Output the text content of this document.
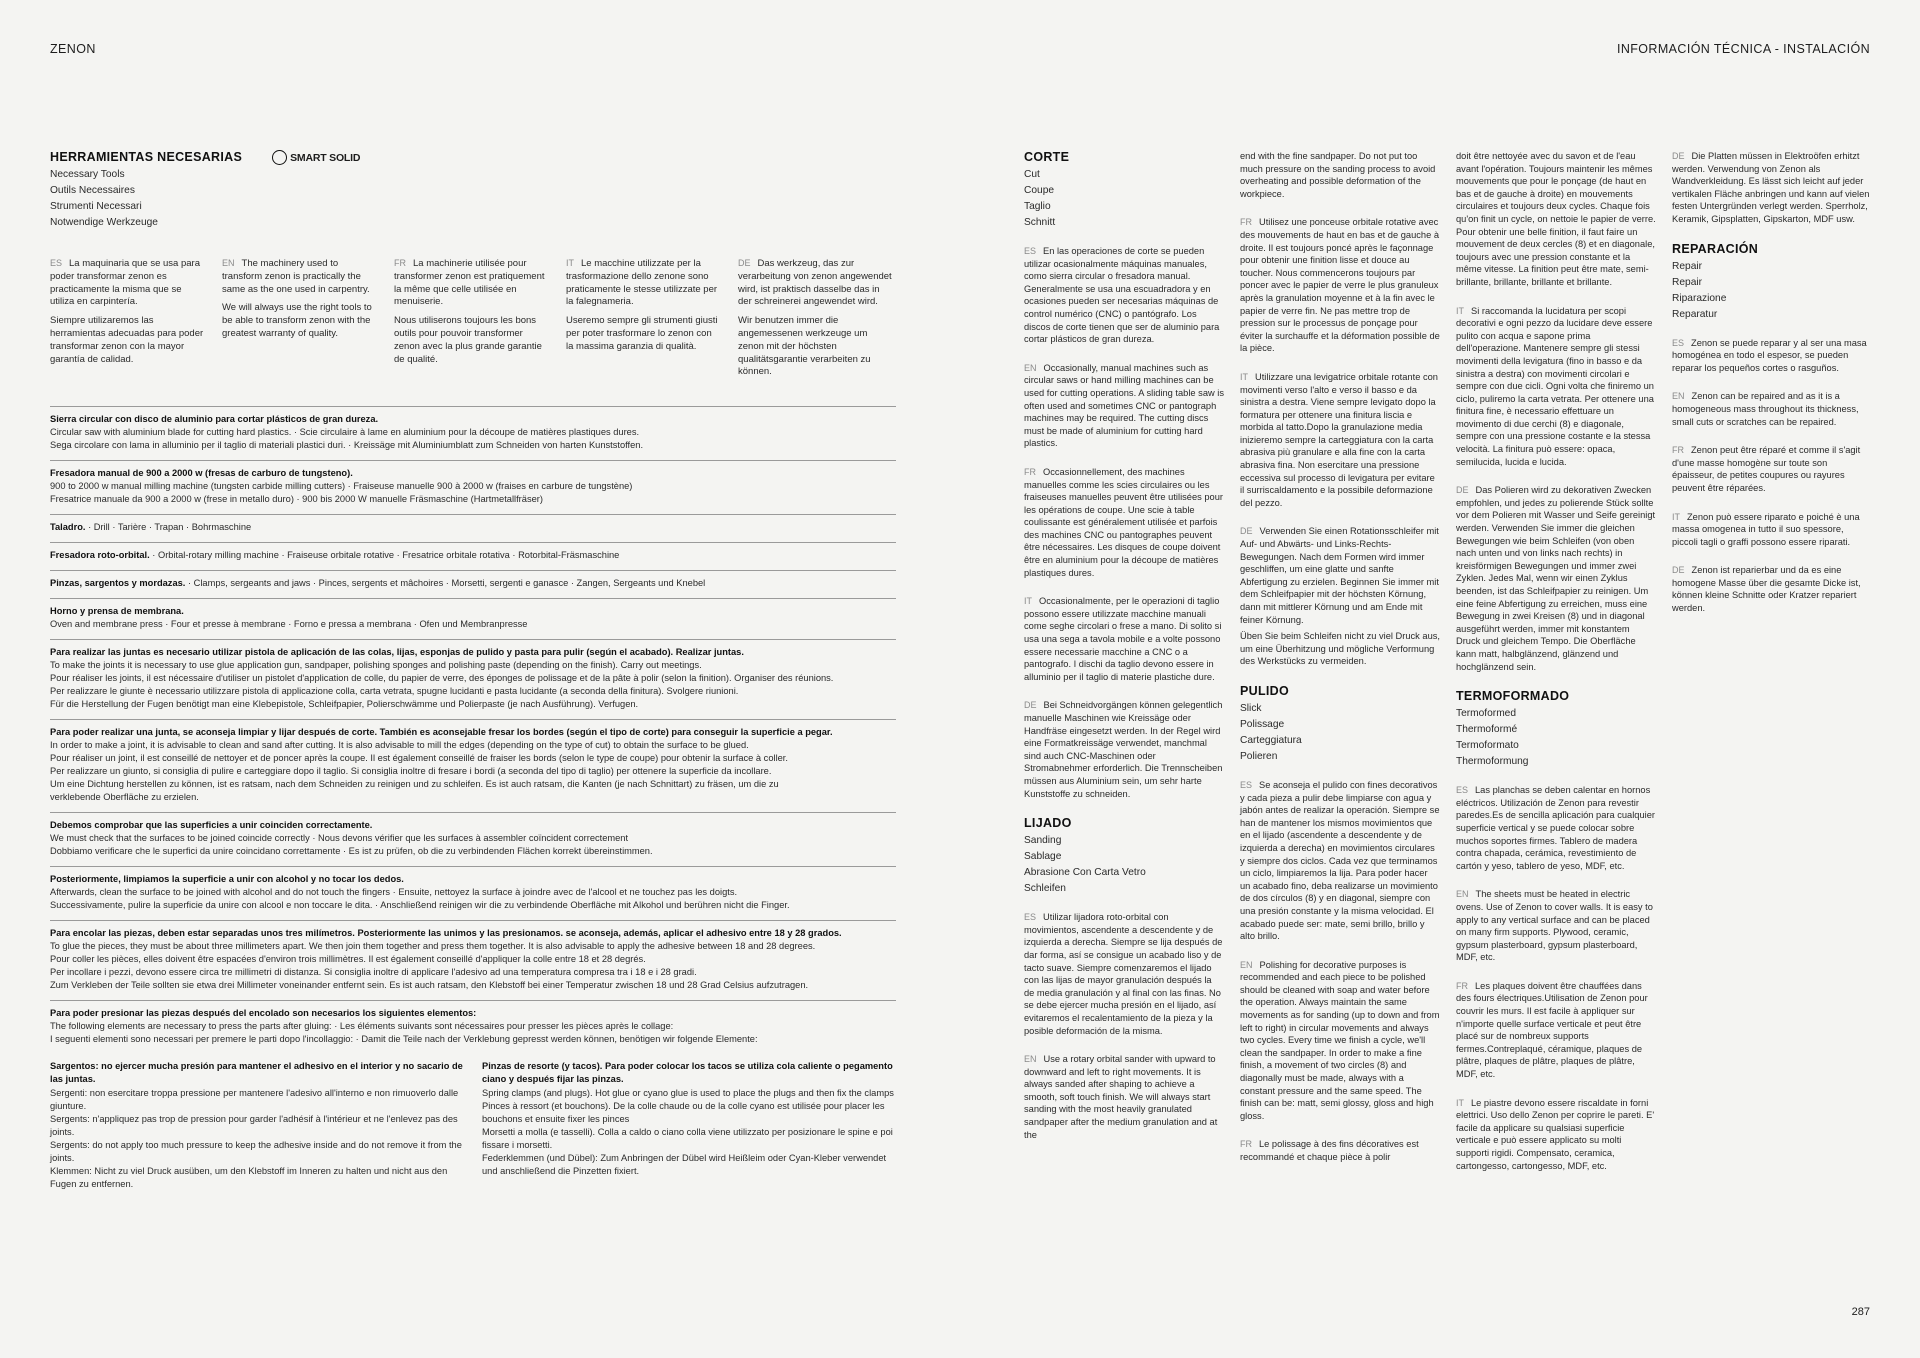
ZENON	INFORMACIÓN TÉCNICA - INSTALACIÓN
HERRAMIENTAS NECESARIAS	SMART SOLID
Necessary Tools
Outils Necessaires
Strumenti Necessari
Notwendige Werkzeuge

ES La maquinaria que se usa para poder transformar zenon es practicamente la misma que se utiliza en carpintería.

Siempre utilizaremos las herramientas adecuadas para poder transformar zenon con la mayor garantía de calidad.

EN The machinery used to transform zenon is practically the same as the one used in carpentry.

We will always use the right tools to be able to transform zenon with the greatest warranty of quality.

FR La machinerie utilisée pour transformer zenon est pratiquement la même que celle utilisée en menuiserie.

Nous utiliserons toujours les bons outils pour pouvoir transformer zenon avec la plus grande garantie de qualité.

IT Le macchine utilizzate per la trasformazione dello zenone sono praticamente le stesse utilizzate per la falegnameria.

Useremo sempre gli strumenti giusti per poter trasformare lo zenon con la massima garanzia di qualità.

DE Das werkzeug, das zur verarbeitung von zenon angewendet wird, ist praktisch dasselbe das in der schreinerei angewendet wird.

Wir benutzen immer die angemessenen werkzeuge um zenon mit der höchsten qualitätsgarantie verarbeiten zu können.

Sierra circular con disco de aluminio para cortar plásticos de gran dureza.
Circular saw with aluminium blade for cutting hard plastics. · Scie circulaire à lame en aluminium pour la découpe de matières plastiques dures.
Sega circolare con lama in alluminio per il taglio di materiali plastici duri. · Kreissäge mit Aluminiumblatt zum Schneiden von harten Kunststoffen.
Fresadora manual de 900 a 2000 w (fresas de carburo de tungsteno).
900 to 2000 w manual milling machine (tungsten carbide milling cutters) · Fraiseuse manuelle 900 à 2000 w (fraises en carbure de tungstène)
Fresatrice manuale da 900 a 2000 w (frese in metallo duro) · 900 bis 2000 W manuelle Fräsmaschine (Hartmetallfräser)
Taladro. · Drill · Tarière · Trapan · Bohrmaschine
Fresadora roto-orbital. · Orbital-rotary milling machine · Fraiseuse orbitale rotative · Fresatrice orbitale rotativa · Rotorbital-Fräsmaschine
Pinzas, sargentos y mordazas. · Clamps, sergeants and jaws · Pinces, sergents et mâchoires · Morsetti, sergenti e ganasce · Zangen, Sergeants und Knebel
Horno y prensa de membrana.
Oven and membrane press · Four et presse à membrane · Forno e pressa a membrana · Ofen und Membranpresse
Para realizar las juntas es necesario utilizar pistola de aplicación de las colas, lijas, esponjas de pulido y pasta para pulir (según el acabado). Realizar juntas.
To make the joints it is necessary to use glue application gun, sandpaper, polishing sponges and polishing paste (depending on the finish). Carry out meetings.
Pour réaliser les joints, il est nécessaire d'utiliser un pistolet d'application de colle, du papier de verre, des éponges de polissage et de la pâte à polir (selon la finition). Organiser des réunions.
Per realizzare le giunte è necessario utilizzare pistola di applicazione colla, carta vetrata, spugne lucidanti e pasta lucidante (a seconda della finitura). Svolgere riunioni.
Für die Herstellung der Fugen benötigt man eine Klebepistole, Schleifpapier, Polierschwämme und Polierpaste (je nach Ausführung). Verfugen.
Para poder realizar una junta, se aconseja limpiar y lijar después de corte. También es aconsejable fresar los bordes (según el tipo de corte) para conseguir la superficie a pegar.
In order to make a joint, it is advisable to clean and sand after cutting. It is also advisable to mill the edges (depending on the type of cut) to obtain the surface to be glued.
Pour réaliser un joint, il est conseillé de nettoyer et de poncer après la coupe. Il est également conseillé de fraiser les bords (selon le type de coupe) pour obtenir la surface à coller.
Per realizzare un giunto, si consiglia di pulire e carteggiare dopo il taglio. Si consiglia inoltre di fresare i bordi (a seconda del tipo di taglio) per ottenere la superficie da incollare.
Um eine Dichtung herstellen zu können, ist es ratsam, nach dem Schneiden zu reinigen und zu schleifen. Es ist auch ratsam, die Kanten (je nach Schnittart) zu fräsen, um die zu
verklebende Oberfläche zu erzielen.
Debemos comprobar que las superficies a unir coinciden correctamente.
We must check that the surfaces to be joined coincide correctly · Nous devons vérifier que les surfaces à assembler coïncident correctement
Dobbiamo verificare che le superfici da unire coincidano correttamente · Es ist zu prüfen, ob die zu verbindenden Flächen korrekt übereinstimmen.
Posteriormente, limpiamos la superficie a unir con alcohol y no tocar los dedos.
Afterwards, clean the surface to be joined with alcohol and do not touch the fingers · Ensuite, nettoyez la surface à joindre avec de l'alcool et ne touchez pas les doigts.
Successivamente, pulire la superficie da unire con alcool e non toccare le dita. · Anschließend reinigen wir die zu verbindende Oberfläche mit Alkohol und berühren nicht die Finger.
Para encolar las piezas, deben estar separadas unos tres milímetros. Posteriormente las unimos y las presionamos. se aconseja, además, aplicar el adhesivo entre 18 y 28 grados.
To glue the pieces, they must be about three millimeters apart. We then join them together and press them together. It is also advisable to apply the adhesive between 18 and 28 degrees.
Pour coller les pièces, elles doivent être espacées d'environ trois millimètres. Il est également conseillé d'appliquer la colle entre 18 et 28 degrés.
Per incollare i pezzi, devono essere circa tre millimetri di distanza. Si consiglia inoltre di applicare l'adesivo ad una temperatura compresa tra i 18 e i 28 gradi.
Zum Verkleben der Teile sollten sie etwa drei Millimeter voneinander entfernt sein. Es ist auch ratsam, den Klebstoff bei einer Temperatur zwischen 18 und 28 Grad Celsius aufzutragen.
Para poder presionar las piezas después del encolado son necesarios los siguientes elementos:
The following elements are necessary to press the parts after gluing: · Les éléments suivants sont nécessaires pour presser les pièces après le collage:
I seguenti elementi sono necessari per premere le parti dopo l'incollaggio: · Damit die Teile nach der Verklebung gepresst werden können, benötigen wir folgende Elemente:
Sargentos: no ejercer mucha presión para mantener el adhesivo en el interior y no sacario de las juntas.
Sergenti: non esercitare troppa pressione per mantenere l'adesivo all'interno e non rimuoverlo dalle giunture.
Sergents: n'appliquez pas trop de pression pour garder l'adhésif à l'intérieur et ne l'enlevez pas des joints.
Sergents: do not apply too much pressure to keep the adhesive inside and do not remove it from the joints.
Klemmen: Nicht zu viel Druck ausüben, um den Klebstoff im Inneren zu halten und nicht aus den Fugen zu entfernen.
Pinzas de resorte (y tacos). Para poder colocar los tacos se utiliza cola caliente o pegamento ciano y después fijar las pinzas.
Spring clamps (and plugs). Hot glue or cyano glue is used to place the plugs and then fix the clamps
Pinces à ressort (et bouchons). De la colle chaude ou de la colle cyano est utilisée pour placer les bouchons et ensuite fixer les pinces
Morsetti a molla (e tasselli). Colla a caldo o ciano colla viene utilizzato per posizionare le spine e poi fissare i morsetti.
Federklemmen (und Dübel): Zum Anbringen der Dübel wird Heißleim oder Cyan-Kleber verwendet und anschließend die Pinzetten fixiert.
CORTE
Cut
Coupe
Taglio
Schnitt

ES En las operaciones de corte se pueden utilizar ocasionalmente máquinas manuales, como sierra circular o fresadora manual. Generalmente se usa una escuadradora y en ocasiones pueden ser necesarias máquinas de control numérico (CNC) o pantógrafo. Los discos de corte tienen que ser de aluminio para cortar plásticos de gran dureza.

EN Occasionally, manual machines such as circular saws or hand milling machines can be used for cutting operations. A sliding table saw is often used and sometimes CNC or pantograph machines may be required. The cutting discs must be made of aluminium for cutting hard plastics.

FR Occasionnellement, des machines manuelles comme les scies circulaires ou les fraiseuses manuelles peuvent être utilisées pour les opérations de coupe. Une scie à table coulissante est généralement utilisée et parfois des machines CNC ou pantographes peuvent être nécessaires. Les disques de coupe doivent être en aluminium pour la découpe de matières plastiques dures.

IT Occasionalmente, per le operazioni di taglio possono essere utilizzate macchine manuali come seghe circolari o frese a mano. Di solito si usa una sega a tavola mobile e a volte possono essere necessarie macchine a CNC o a pantografo. I dischi da taglio devono essere in alluminio per il taglio di materie plastiche dure.

DE Bei Schneidvorgängen können gelegentlich manuelle Maschinen wie Kreissäge oder Handfräse eingesetzt werden. In der Regel wird eine Formatkreissäge verwendet, manchmal sind auch CNC-Maschinen oder Stromabnehmer erforderlich. Die Trennscheiben müssen aus Aluminium sein, um sehr harte Kunststoffe zu schneiden.

LIJADO
Sanding
Sablage
Abrasione Con Carta Vetro
Schleifen

ES Utilizar lijadora roto-orbital con movimientos, ascendente a descendente y de izquierda a derecha. Siempre se lija después de dar forma, así se consigue un acabado liso y de tacto suave. Siempre comenzaremos el lijado con las lijas de mayor granulación después la de media granulación y al final con las finas. No se debe ejercer mucha presión en el lijado, así evitaremos el recalentamiento de la pieza y la posible deformación de la misma.

EN Use a rotary orbital sander with upward to downward and left to right movements. It is always sanded after shaping to achieve a smooth, soft touch finish. We will always start sanding with the most heavily granulated sandpaper after the medium granulation and at the

end with the fine sandpaper. Do not put too much pressure on the sanding process to avoid overheating and possible deformation of the workpiece.

FR Utilisez une ponceuse orbitale rotative avec des mouvements de haut en bas et de gauche à droite. Il est toujours poncé après le façonnage pour obtenir une finition lisse et douce au toucher. Nous commencerons toujours par poncer avec le papier de verre le plus granuleux après la granulation moyenne et à la fin avec le papier de verre fin. Ne pas mettre trop de pression sur le processus de ponçage pour éviter la surchauffe et la déformation possible de la pièce.

IT Utilizzare una levigatrice orbitale rotante con movimenti verso l'alto e verso il basso e da sinistra a destra. Viene sempre levigato dopo la formatura per ottenere una finitura liscia e morbida al tatto.Dopo la granulazione media inizieremo sempre la carteggiatura con la carta abrasiva più granulare e alla fine con la carta abrasiva fina. Non esercitare una pressione eccessiva sul processo di levigatura per evitare il surriscaldamento e la possibile deformazione del pezzo.

DE Verwenden Sie einen Rotationsschleifer mit Auf- und Abwärts- und Links-Rechts-Bewegungen. Nach dem Formen wird immer geschliffen, um eine glatte und sanfte Abfertigung zu erzielen. Beginnen Sie immer mit dem Schleifpapier mit der höchsten Körnung, dann mit mittlerer Körnung und am Ende mit feiner Körnung.

Üben Sie beim Schleifen nicht zu viel Druck aus, um eine Überhitzung und mögliche Verformung des Werkstücks zu vermeiden.

PULIDO
Slick
Polissage
Carteggiatura
Polieren

ES Se aconseja el pulido con fines decorativos y cada pieza a pulir debe limpiarse con agua y jabón antes de realizar la operación. Siempre se han de mantener los mismos movimientos que en el lijado (ascendente a descendente y de izquierda a derecha) en movimientos circulares y siempre dos ciclos. Cada vez que terminamos un ciclo, limpiaremos la lija. Para poder hacer un acabado fino, deba realizarse un movimiento de dos círculos (8) y en diagonal, siempre con una presión constante y la misma velocidad. El acabado puede ser: mate, semi brillo, brillo y alto brillo.

EN Polishing for decorative purposes is recommended and each piece to be polished should be cleaned with soap and water before the operation. Always maintain the same movements as for sanding (up to down and from left to right) in circular movements and always two cycles. Every time we finish a cycle, we'll clean the sandpaper. In order to make a fine finish, a movement of two circles (8) and diagonally must be made, always with a constant pressure and the same speed. The finish can be: matt, semi glossy, gloss and high gloss.

FR Le polissage à des fins décoratives est recommandé et chaque pièce à polir

doit être nettoyée avec du savon et de l'eau avant l'opération. Toujours maintenir les mêmes mouvements que pour le ponçage (de haut en bas et de gauche à droite) en mouvements circulaires et toujours deux cycles. Chaque fois qu'on finit un cycle, on nettoie le papier de verre. Pour obtenir une belle finition, il faut faire un mouvement de deux cercles (8) et en diagonale, toujours avec une pression constante et la même vitesse. La finition peut être mate, semi-brillante, brillante, brillante et brillante.

IT Si raccomanda la lucidatura per scopi decorativi e ogni pezzo da lucidare deve essere pulito con acqua e sapone prima dell'operazione. Mantenere sempre gli stessi movimenti della levigatura (fino in basso e da sinistra a destra) con movimenti circolari e sempre con due cicli. Ogni volta che finiremo un ciclo, puliremo la carta vetrata. Per ottenere una finitura fine, è necessario effettuare un movimento di due cerchi (8) e diagonale, sempre con una pressione costante e la stessa velocità. La finitura può essere: opaca, semilucida, lucida e lucida.

DE Das Polieren wird zu dekorativen Zwecken empfohlen, und jedes zu polierende Stück sollte vor dem Polieren mit Wasser und Seife gereinigt werden. Verwenden Sie immer die gleichen Bewegungen wie beim Schleifen (von oben nach unten und von links nach rechts) in kreisförmigen Bewegungen und immer zwei Zyklen. Jedes Mal, wenn wir einen Zyklus beenden, ist das Schleifpapier zu reinigen. Um eine feine Abfertigung zu erreichen, muss eine Bewegung in zwei Kreisen (8) und in diagonal ausgeführt werden, immer mit konstantem Druck und gleichem Tempo. Die Oberfläche kann matt, halbglänzend, glänzend und hochglänzend sein.

TERMOFORMADO
Termoformed
Thermoformé
Termoformato
Thermoformung

ES Las planchas se deben calentar en hornos eléctricos. Utilización de Zenon para revestir paredes.Es de sencilla aplicación para cualquier superficie vertical y se puede colocar sobre muchos soportes firmes. Tablero de madera contra chapada, cerámica, revestimiento de cartón y yeso, tablero de yeso, MDF, etc.

EN The sheets must be heated in electric ovens. Use of Zenon to cover walls. It is easy to apply to any vertical surface and can be placed on many firm supports. Plywood, ceramic, gypsum plasterboard, gypsum plasterboard, MDF, etc.

FR Les plaques doivent être chauffées dans des fours électriques.Utilisation de Zenon pour couvrir les murs. Il est facile à appliquer sur n'importe quelle surface verticale et peut être placé sur de nombreux supports fermes.Contreplaqué, céramique, plaques de plâtre, plaques de plâtre, plaques de plâtre, MDF, etc.

IT Le piastre devono essere riscaldate in forni elettrici. Uso dello Zenon per coprire le pareti. E' facile da applicare su qualsiasi superficie verticale e può essere applicato su molti supporti rigidi. Compensato, ceramica, cartongesso, cartongesso, MDF, etc.

DE Die Platten müssen in Elektroöfen erhitzt werden. Verwendung von Zenon als Wandverkleidung. Es lässt sich leicht auf jeder vertikalen Fläche anbringen und kann auf vielen festen Untergründen verlegt werden. Sperrholz, Keramik, Gipsplatten, Gipskarton, MDF usw.

REPARACIÓN
Repair
Repair
Riparazione
Reparatur

ES Zenon se puede reparar y al ser una masa homogénea en todo el espesor, se pueden reparar los pequeños cortes o rasguños.

EN Zenon can be repaired and as it is a homogeneous mass throughout its thickness, small cuts or scratches can be repaired.

FR Zenon peut être réparé et comme il s'agit d'une masse homogène sur toute son épaisseur, de petites coupures ou rayures peuvent être réparées.

IT Zenon può essere riparato e poiché è una massa omogenea in tutto il suo spessore, piccoli tagli o graffi possono essere riparati.

DE Zenon ist reparierbar und da es eine homogene Masse über die gesamte Dicke ist, können kleine Schnitte oder Kratzer repariert werden.

287
